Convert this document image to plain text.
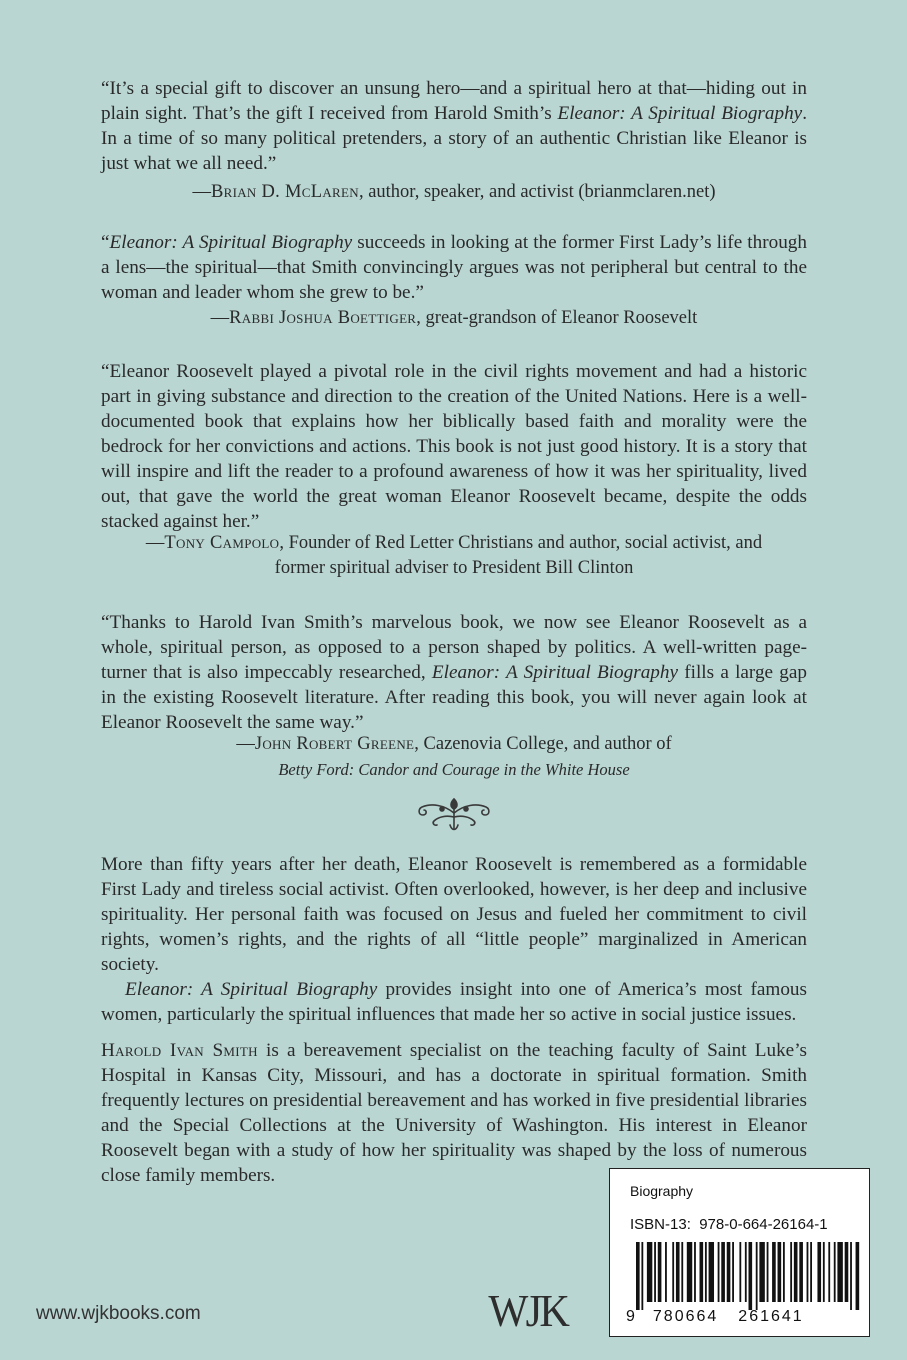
“It’s a special gift to discover an unsung hero—and a spiritual hero at that—hiding out in plain sight. That’s the gift I received from Harold Smith’s Eleanor: A Spiritual Biography. In a time of so many political pretenders, a story of an authentic Christian like Eleanor is just what we all need.”

—Brian D. McLaren, author, speaker, and activist (brianmclaren.net)

“Eleanor: A Spiritual Biography succeeds in looking at the former First Lady’s life through a lens—the spiritual—that Smith convincingly argues was not peripheral but central to the woman and leader whom she grew to be.”

—Rabbi Joshua Boettiger, great-grandson of Eleanor Roosevelt

“Eleanor Roosevelt played a pivotal role in the civil rights movement and had a historic part in giving substance and direction to the creation of the United Nations. Here is a well-documented book that explains how her biblically based faith and morality were the bedrock for her convictions and actions. This book is not just good history. It is a story that will inspire and lift the reader to a profound awareness of how it was her spirituality, lived out, that gave the world the great woman Eleanor Roosevelt became, despite the odds stacked against her.”

—Tony Campolo, Founder of Red Letter Christians and author, social activist, and
former spiritual adviser to President Bill Clinton

“Thanks to Harold Ivan Smith’s marvelous book, we now see Eleanor Roosevelt as a whole, spiritual person, as opposed to a person shaped by politics. A well-written page-turner that is also impeccably researched, Eleanor: A Spiritual Biography fills a large gap in the existing Roosevelt literature. After reading this book, you will never again look at Eleanor Roosevelt the same way.”

—John Robert Greene, Cazenovia College, and author of
Betty Ford: Candor and Courage in the White House

More than fifty years after her death, Eleanor Roosevelt is remembered as a formidable First Lady and tireless social activist. Often overlooked, however, is her deep and inclusive spirituality. Her personal faith was focused on Jesus and fueled her commitment to civil rights, women’s rights, and the rights of all “little people” marginalized in American society.

Eleanor: A Spiritual Biography provides insight into one of America’s most famous women, particularly the spiritual influences that made her so active in social justice issues.

Harold Ivan Smith is a bereavement specialist on the teaching faculty of Saint Luke’s Hospital in Kansas City, Missouri, and has a doctorate in spiritual formation. Smith frequently lectures on presidential bereavement and has worked in five presidential libraries and the Special Collections at the University of Washington. His interest in Eleanor Roosevelt began with a study of how her spirituality was shaped by the loss of numerous close family members.

Biography
ISBN-13: 978-0-664-26164-1
9 780664 261641
www.wjkbooks.com	WJK
